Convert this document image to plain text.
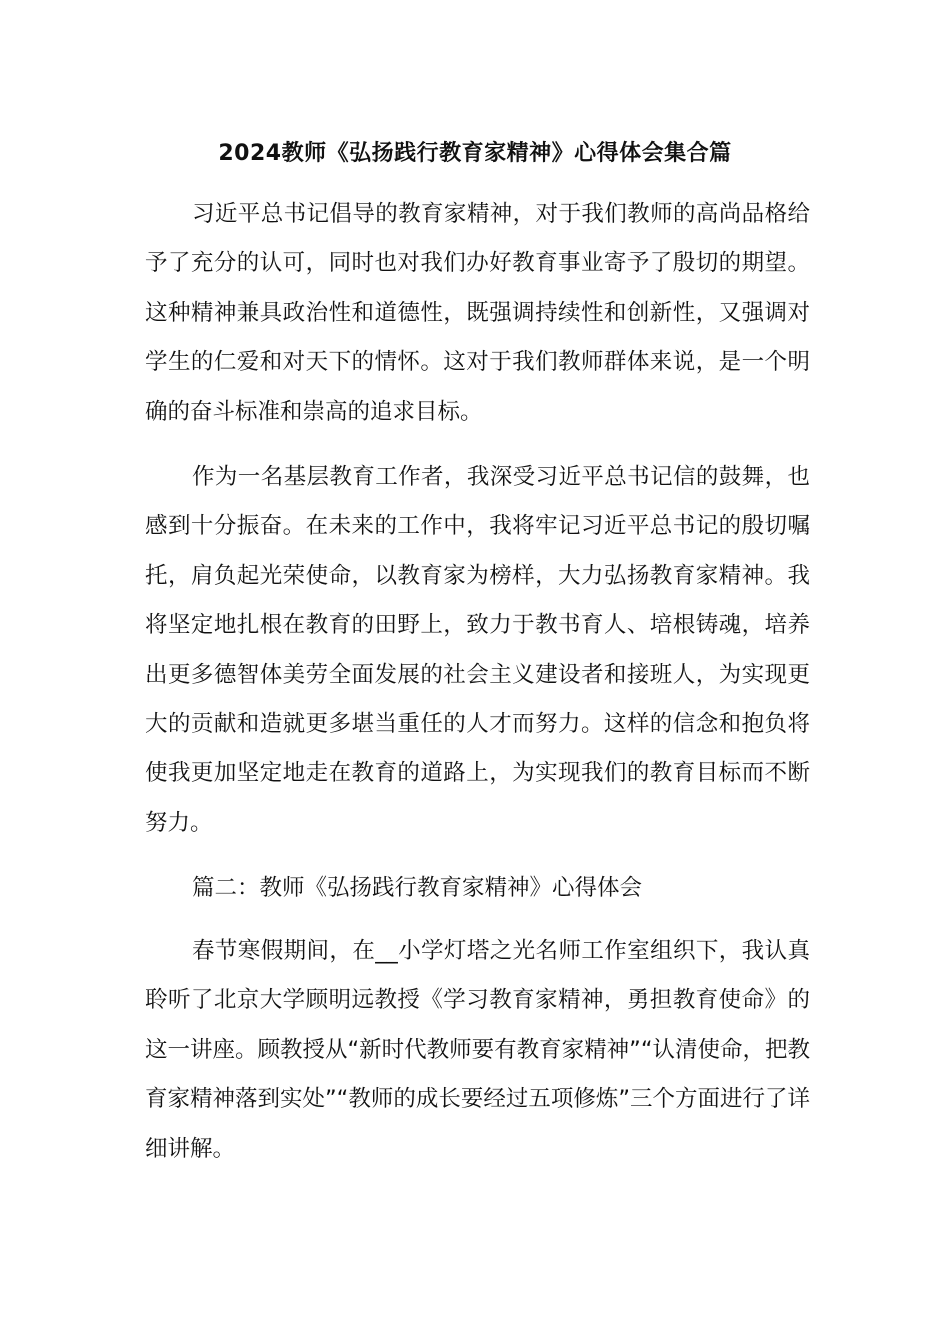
2024教师《弘扬践行教育家精神》心得体会集合篇

习近平总书记倡导的教育家精神，对于我们教师的高尚品格给予了充分的认可，同时也对我们办好教育事业寄予了殷切的期望。这种精神兼具政治性和道德性，既强调持续性和创新性，又强调对学生的仁爱和对天下的情怀。这对于我们教师群体来说，是一个明确的奋斗标准和崇高的追求目标。

作为一名基层教育工作者，我深受习近平总书记信的鼓舞，也感到十分振奋。在未来的工作中，我将牢记习近平总书记的殷切嘱托，肩负起光荣使命，以教育家为榜样，大力弘扬教育家精神。我将坚定地扎根在教育的田野上，致力于教书育人、培根铸魂，培养出更多德智体美劳全面发展的社会主义建设者和接班人，为实现更大的贡献和造就更多堪当重任的人才而努力。这样的信念和抱负将使我更加坚定地走在教育的道路上，为实现我们的教育目标而不断努力。

篇二：教师《弘扬践行教育家精神》心得体会

春节寒假期间，在__小学灯塔之光名师工作室组织下，我认真聆听了北京大学顾明远教授《学习教育家精神，勇担教育使命》的这一讲座。顾教授从“新时代教师要有教育家精神”“认清使命，把教育家精神落到实处”“教师的成长要经过五项修炼”三个方面进行了详细讲解。
